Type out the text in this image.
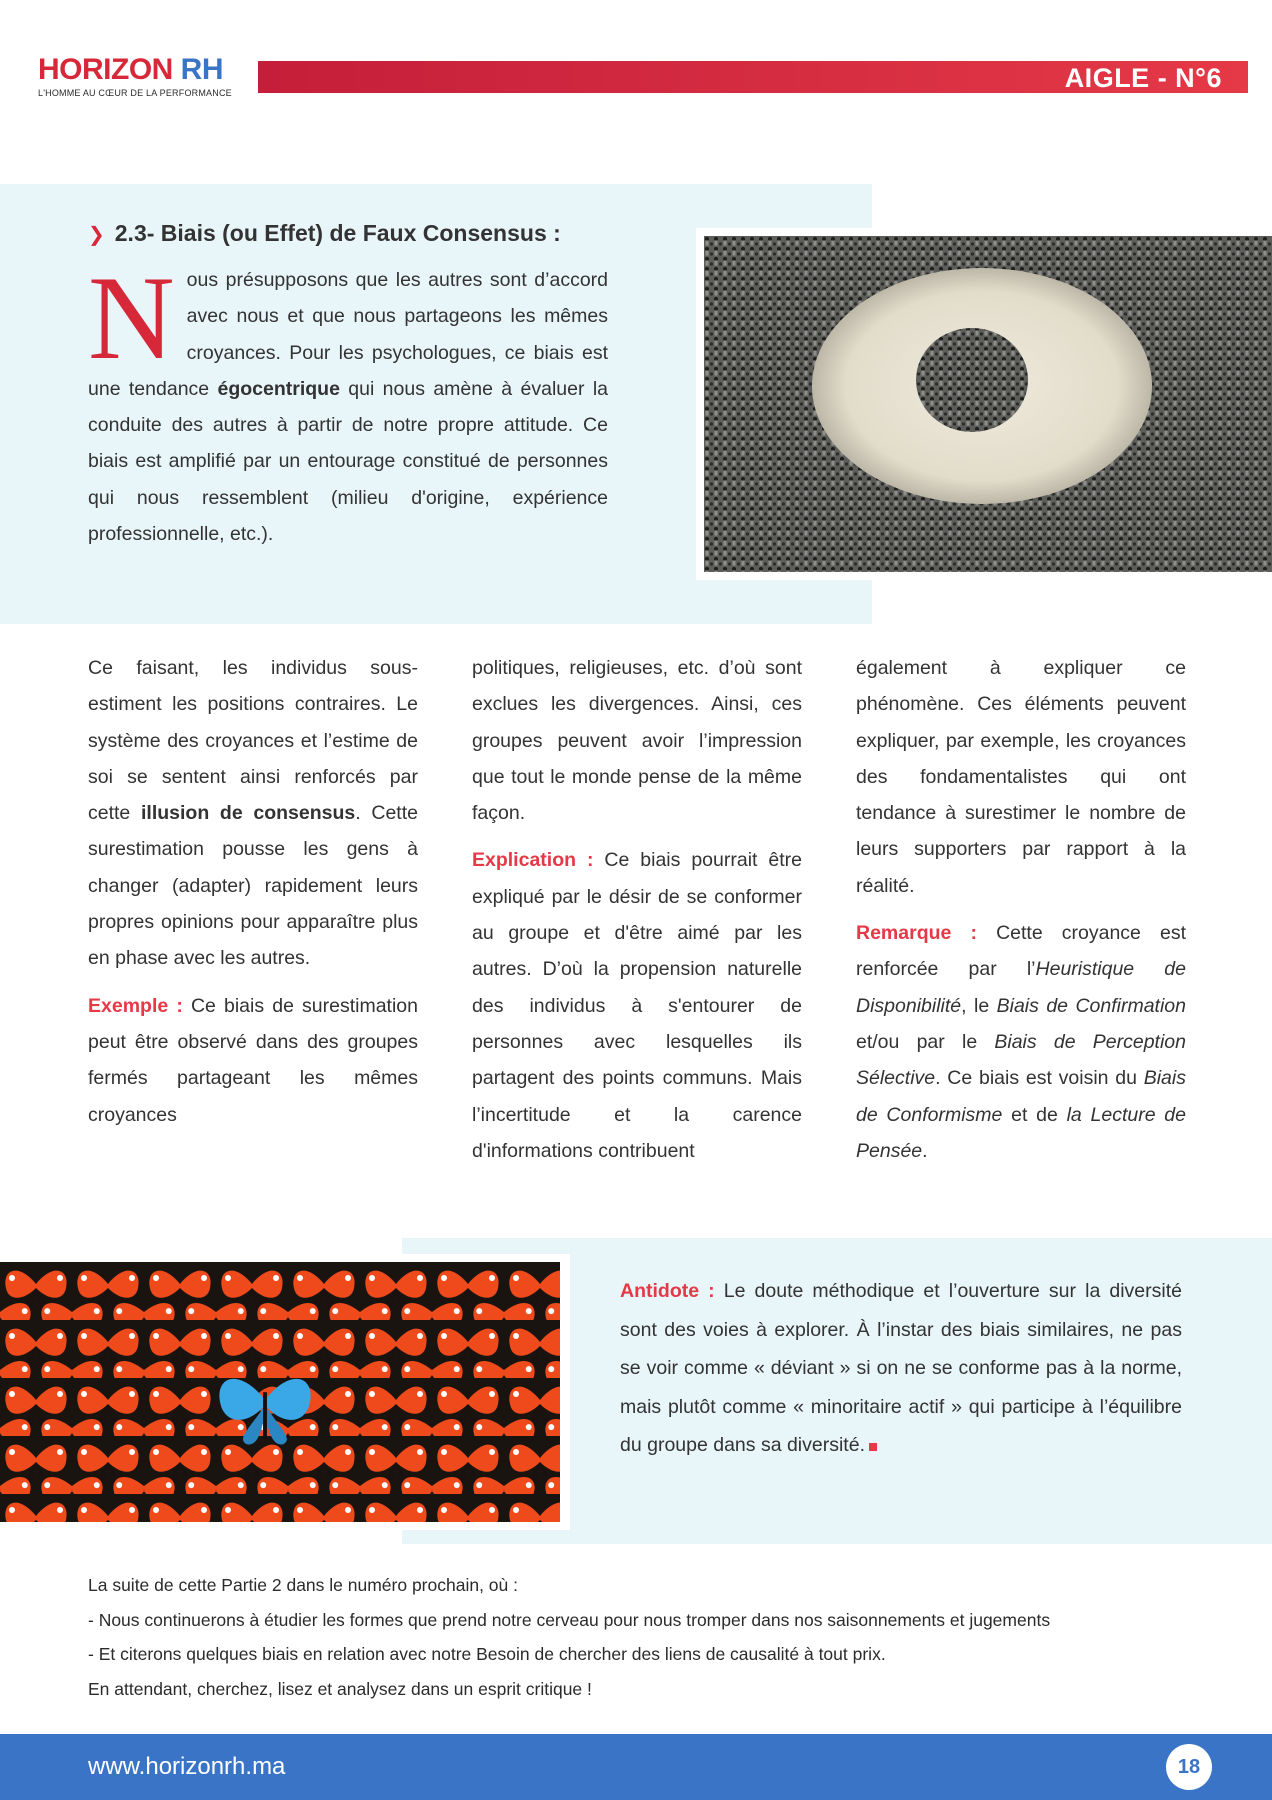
HORIZON RH
L'HOMME AU CŒUR DE LA PERFORMANCE	AIGLE - N°6
❯ 2.3- Biais (ou Effet) de Faux Consensus :
Nous présupposons que les autres sont d’accord avec nous et que nous partageons les mêmes croyances. Pour les psychologues, ce biais est une tendance égocentrique qui nous amène à évaluer la conduite des autres à partir de notre propre attitude. Ce biais est amplifié par un entourage constitué de personnes qui nous ressemblent (milieu d'origine, expérience professionnelle, etc.).

Ce faisant, les individus sous-estiment les positions contraires. Le système des croyances et l’estime de soi se sentent ainsi renforcés par cette illusion de consensus. Cette surestimation pousse les gens à changer (adapter) rapidement leurs propres opinions pour apparaître plus en phase avec les autres.

Exemple : Ce biais de surestimation peut être observé dans des groupes fermés partageant les mêmes croyances

politiques, religieuses, etc. d’où sont exclues les divergences. Ainsi, ces groupes peuvent avoir l’impression que tout le monde pense de la même façon.

Explication : Ce biais pourrait être expliqué par le désir de se conformer au groupe et d'être aimé par les autres. D’où la propension naturelle des individus à s'entourer de personnes avec lesquelles ils partagent des points communs. Mais l’incertitude et la carence d'informations contribuent

également à expliquer ce phénomène. Ces éléments peuvent expliquer, par exemple, les croyances des fondamentalistes qui ont tendance à surestimer le nombre de leurs supporters par rapport à la réalité.

Remarque : Cette croyance est renforcée par l’Heuristique de Disponibilité, le Biais de Confirmation et/ou par le Biais de Perception Sélective. Ce biais est voisin du Biais de Conformisme et de la Lecture de Pensée.

Antidote : Le doute méthodique et l’ouverture sur la diversité sont des voies à explorer. À l’instar des biais similaires, ne pas se voir comme « déviant » si on ne se conforme pas à la norme, mais plutôt comme « minoritaire actif » qui participe à l’équilibre du groupe dans sa diversité.
La suite de cette Partie 2 dans le numéro prochain, où :
- Nous continuerons à étudier les formes que prend notre cerveau pour nous tromper dans nos saisonnements et jugements
- Et citerons quelques biais en relation avec notre Besoin de chercher des liens de causalité à tout prix.
En attendant, cherchez, lisez et analysez dans un esprit critique !
www.horizonrh.ma	18
